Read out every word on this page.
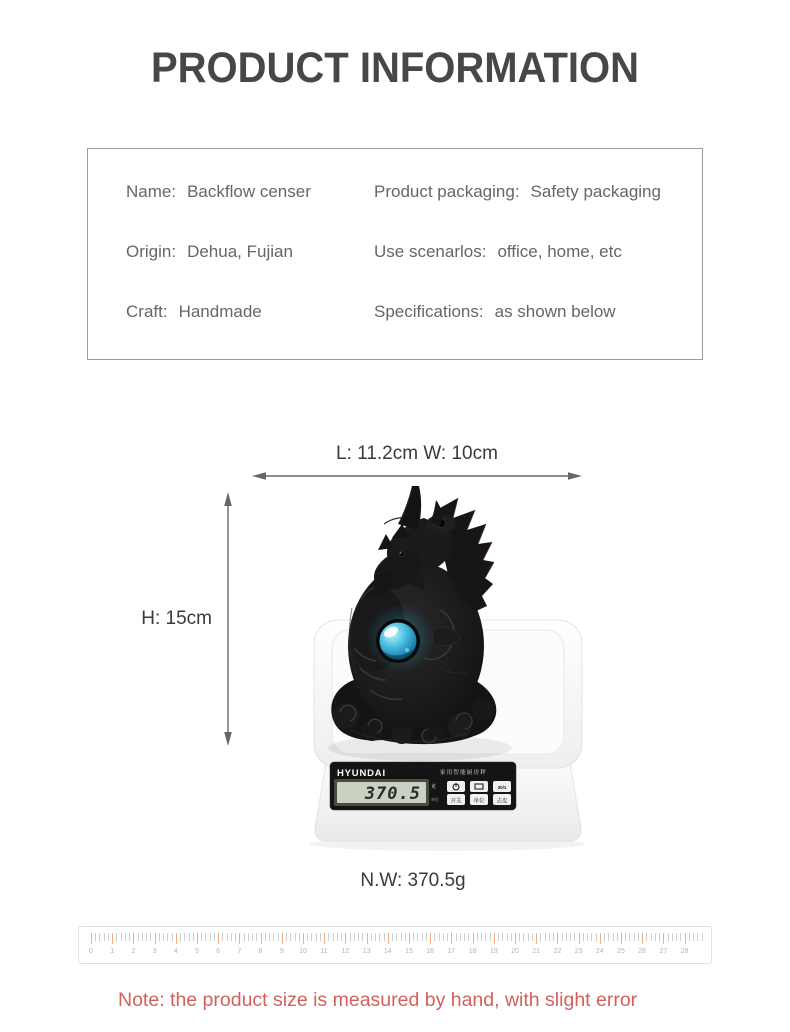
PRODUCT INFORMATION
Name: Backflow censer	Product packaging: Safety packaging
Origin: Dehua, Fujian	Use scenarlos: office, home, etc
Craft: Handmade	Specifications: as shown below
L: 11.2cm W: 10cm
H: 15cm
N.W: 370.5g
HYUNDAI	家用智能厨房秤
370.5 克
单位 开关 单位
30/1
去皮
0	1	2	3	4	5	6	7	8	9	10	11	12	13	14	15	16	17	18	19	20	21	22	23	24	25	26	27	28
Note: the product size is measured by hand, with slight error
